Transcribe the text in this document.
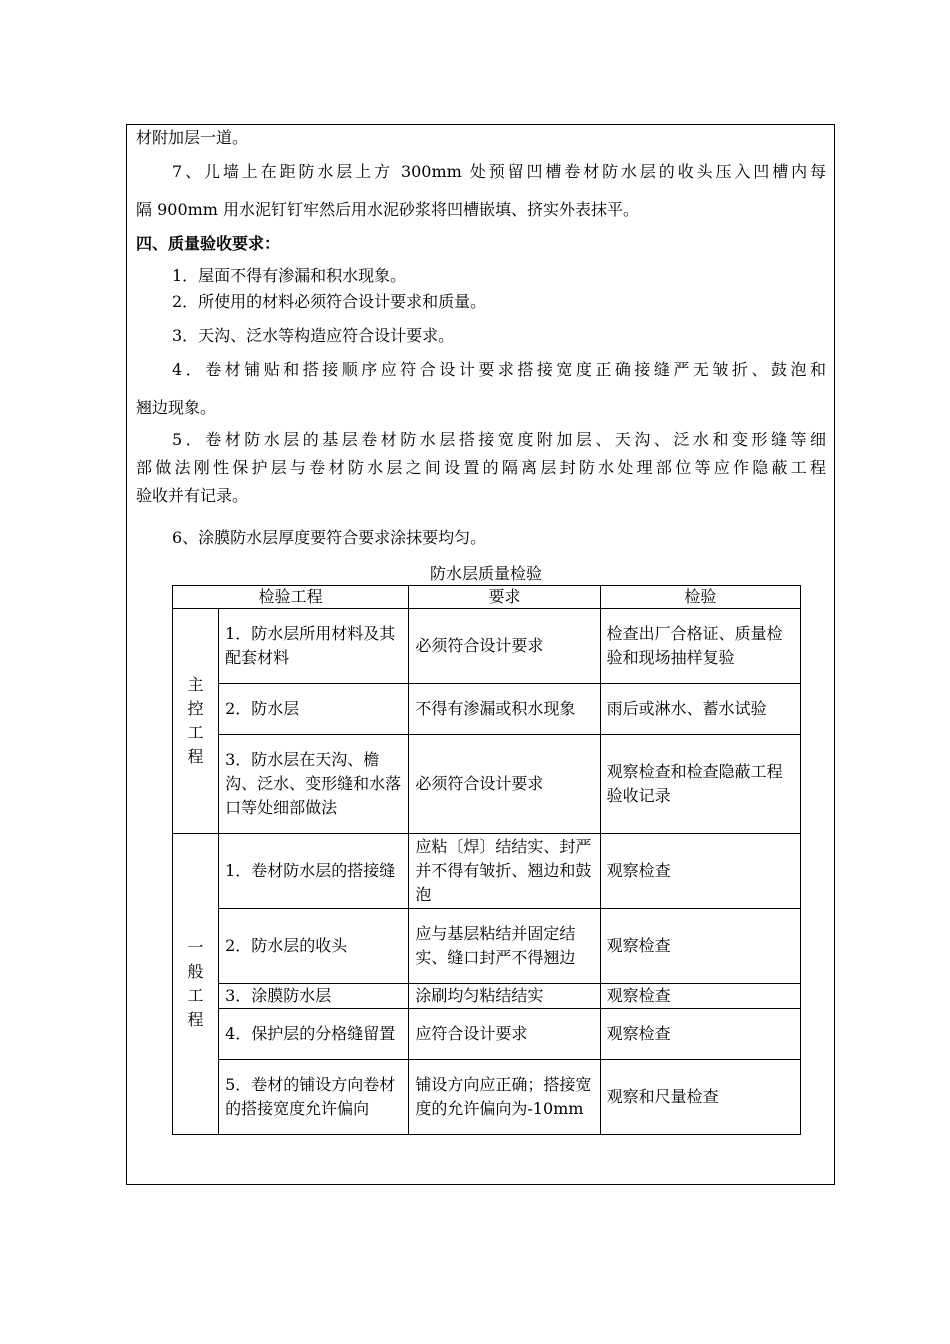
材附加层一道。
7、儿墙上在距防水层上方 300mm 处预留凹槽卷材防水层的收头压入凹槽内每
隔 900mm 用水泥钉钉牢然后用水泥砂浆将凹槽嵌填、挤实外表抹平。
四、质量验收要求：
1．屋面不得有渗漏和积水现象。
2．所使用的材料必须符合设计要求和质量。
3．天沟、泛水等构造应符合设计要求。
4．卷材铺贴和搭接顺序应符合设计要求搭接宽度正确接缝严无皱折、鼓泡和
翘边现象。
5．卷材防水层的基层卷材防水层搭接宽度附加层、天沟、泛水和变形缝等细
部做法刚性保护层与卷材防水层之间设置的隔离层封防水处理部位等应作隐蔽工程
验收并有记录。
6、涂膜防水层厚度要符合要求涂抹要均匀。
防水层质量检验
检验工程		要求	检验
主控工程	1．防水层所用材料及其配套材料	必须符合设计要求	检查出厂合格证、质量检验和现场抽样复验
	2．防水层	不得有渗漏或积水现象	雨后或淋水、蓄水试验
	3．防水层在天沟、檐沟、泛水、变形缝和水落口等处细部做法	必须符合设计要求	观察检查和检查隐蔽工程验收记录
一般工程	1．卷材防水层的搭接缝	应粘〔焊〕结结实、封严并不得有皱折、翘边和鼓泡	观察检查
	2．防水层的收头	应与基层粘结并固定结实、缝口封严不得翘边	观察检查
	3．涂膜防水层	涂刷均匀粘结结实	观察检查
	4．保护层的分格缝留置	应符合设计要求	观察检查
	5．卷材的铺设方向卷材的搭接宽度允许偏向	铺设方向应正确；搭接宽度的允许偏向为-10mm	观察和尺量检查
